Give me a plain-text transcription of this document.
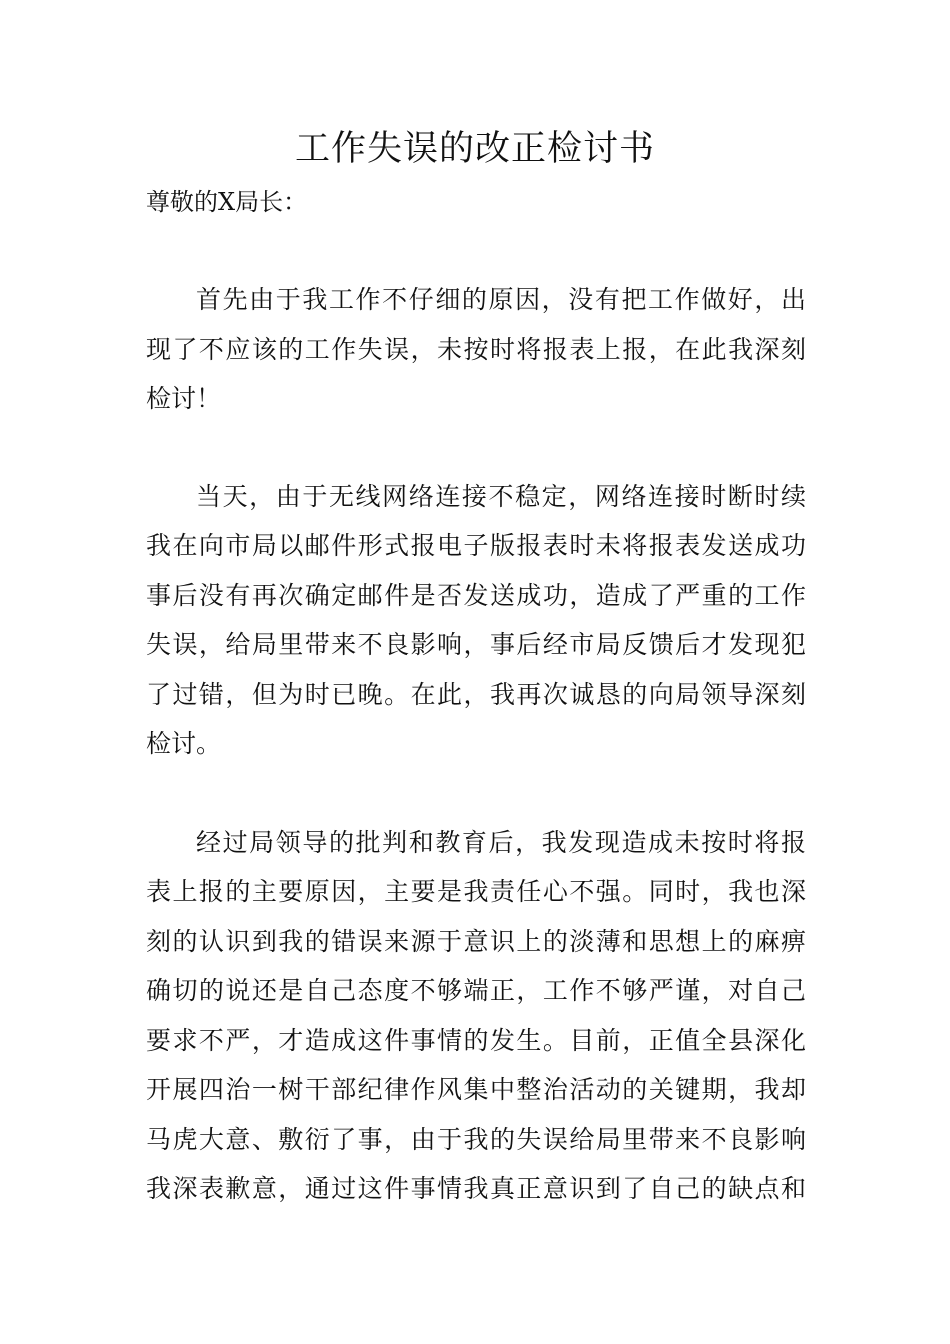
工作失误的改正检讨书
尊敬的X局长：
首先由于我工作不仔细的原因，没有把工作做好，出
现了不应该的工作失误，未按时将报表上报，在此我深刻
检讨！
当天，由于无线网络连接不稳定，网络连接时断时续
我在向市局以邮件形式报电子版报表时未将报表发送成功
事后没有再次确定邮件是否发送成功，造成了严重的工作
失误，给局里带来不良影响，事后经市局反馈后才发现犯
了过错，但为时已晚。在此，我再次诚恳的向局领导深刻
检讨。
经过局领导的批判和教育后，我发现造成未按时将报
表上报的主要原因，主要是我责任心不强。同时，我也深
刻的认识到我的错误来源于意识上的淡薄和思想上的麻痹
确切的说还是自己态度不够端正，工作不够严谨，对自己
要求不严，才造成这件事情的发生。目前，正值全县深化
开展四治一树干部纪律作风集中整治活动的关键期，我却
马虎大意、敷衍了事，由于我的失误给局里带来不良影响
我深表歉意，通过这件事情我真正意识到了自己的缺点和
